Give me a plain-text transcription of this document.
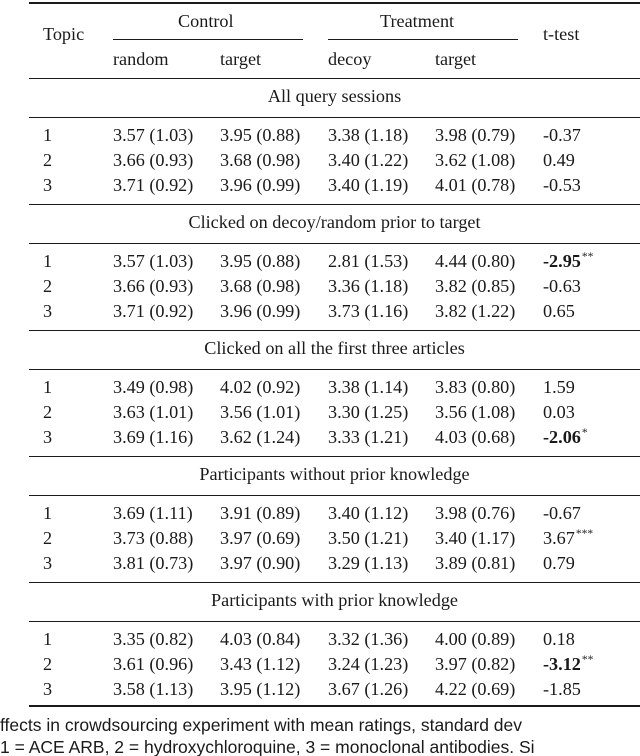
Topic
Control	Treatment
t-test
random	target	decoy	target
All query sessions
1	3.57 (1.03) 3.95 (0.88) 3.38 (1.18) 3.98 (0.79) -0.37
2	3.66 (0.93) 3.68 (0.98) 3.40 (1.22) 3.62 (1.08) 0.49
3	3.71 (0.92) 3.96 (0.99) 3.40 (1.19) 4.01 (0.78) -0.53
Clicked on decoy/random prior to target
1	3.57 (1.03) 3.95 (0.88) 2.81 (1.53) 4.44 (0.80) -2.95**
2	3.66 (0.93) 3.68 (0.98) 3.36 (1.18) 3.82 (0.85) -0.63
3	3.71 (0.92) 3.96 (0.99) 3.73 (1.16) 3.82 (1.22) 0.65
Clicked on all the first three articles
1	3.49 (0.98) 4.02 (0.92) 3.38 (1.14) 3.83 (0.80) 1.59
2	3.63 (1.01) 3.56 (1.01) 3.30 (1.25) 3.56 (1.08) 0.03
3	3.69 (1.16) 3.62 (1.24) 3.33 (1.21) 4.03 (0.68) -2.06*
Participants without prior knowledge
1	3.69 (1.11) 3.91 (0.89) 3.40 (1.12) 3.98 (0.76) -0.67
2	3.73 (0.88) 3.97 (0.69) 3.50 (1.21) 3.40 (1.17) 3.67***
3	3.81 (0.73) 3.97 (0.90) 3.29 (1.13) 3.89 (0.81) 0.79
Participants with prior knowledge
1	3.35 (0.82) 4.03 (0.84) 3.32 (1.36) 4.00 (0.89) 0.18
2	3.61 (0.96) 3.43 (1.12) 3.24 (1.23) 3.97 (0.82) -3.12**
3	3.58 (1.13) 3.95 (1.12) 3.67 (1.26) 4.22 (0.69) -1.85
ffects in crowdsourcing experiment with mean ratings, standard dev
1 = ACE ARB, 2 = hydroxychloroquine, 3 = monoclonal antibodies. Si
